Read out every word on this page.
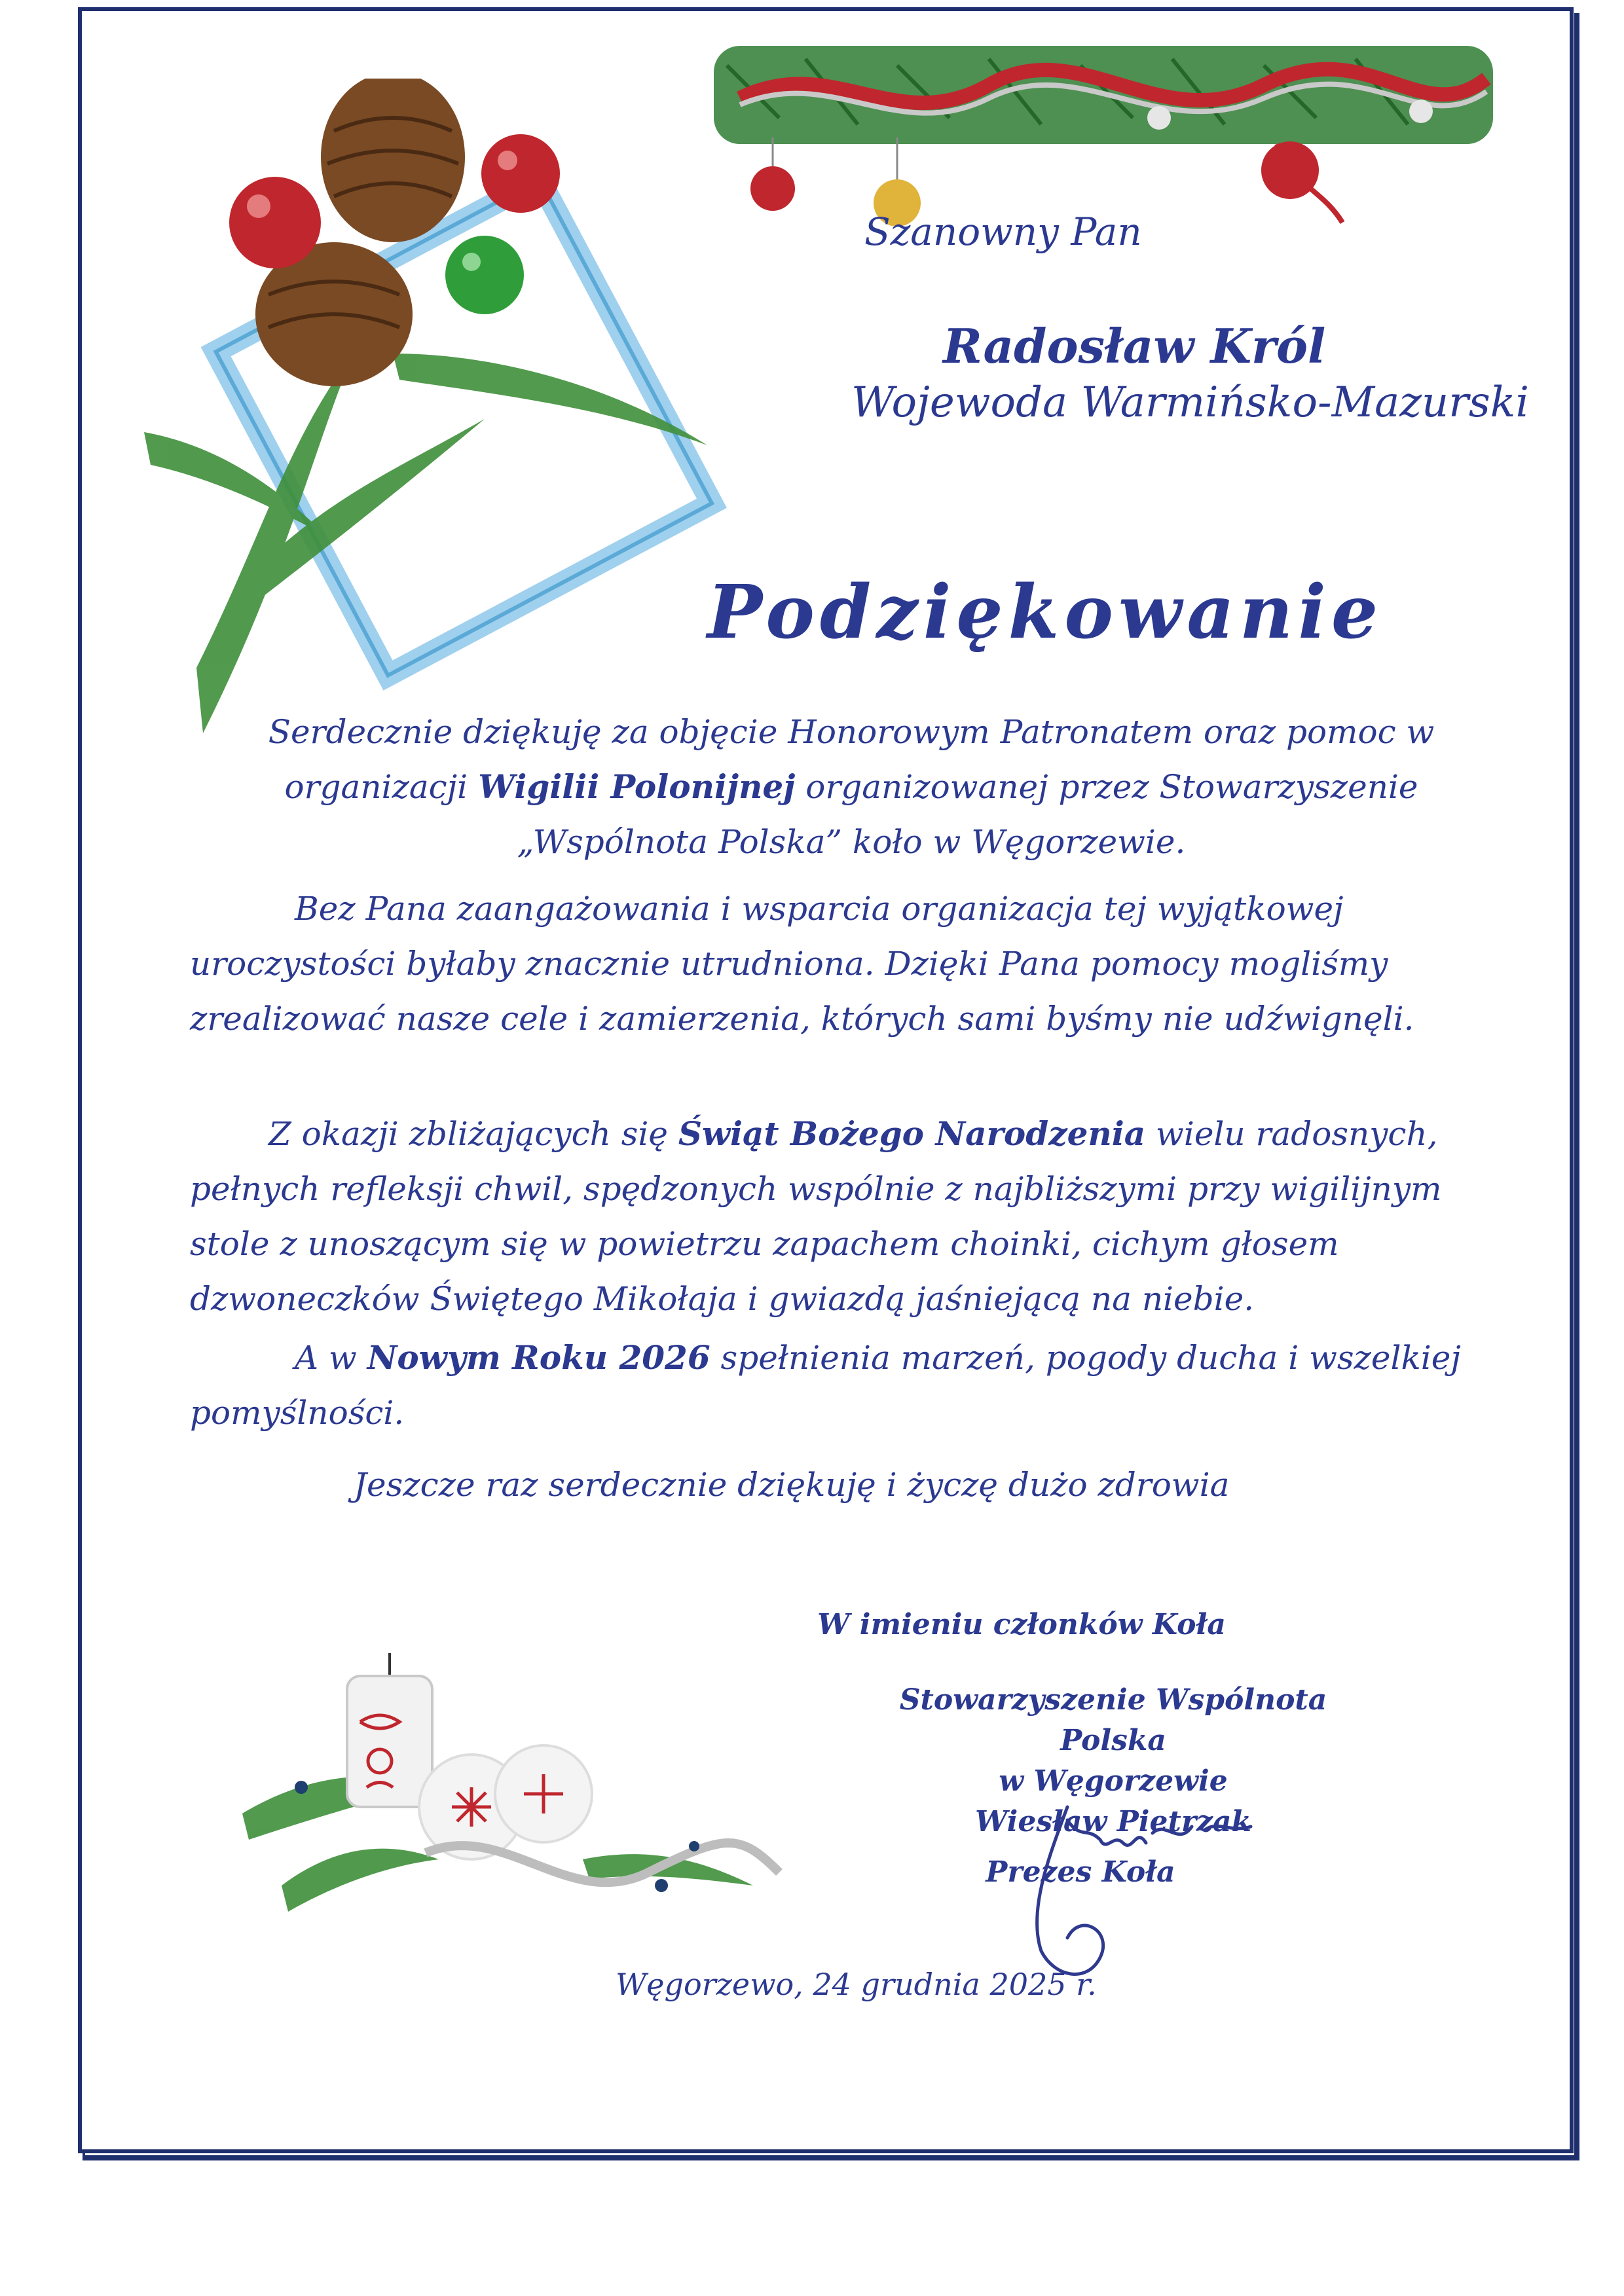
Szanowny Pan

Radosław Król

Wojewoda Warmińsko-Mazurski

Podziękowanie

Serdecznie dziękuję za objęcie Honorowym Patronatem oraz pomoc w organizacji Wigilii Polonijnej organizowanej przez Stowarzyszenie „Wspólnota Polska” koło w Węgorzewie.

Bez Pana zaangażowania i wsparcia organizacja tej wyjątkowej uroczystości byłaby znacznie utrudniona. Dzięki Pana pomocy mogliśmy zrealizować nasze cele i zamierzenia, których sami byśmy nie udźwignęli.

Z okazji zbliżających się Świąt Bożego Narodzenia wielu radosnych, pełnych refleksji chwil, spędzonych wspólnie z najbliższymi przy wigilijnym stole z unoszącym się w powietrzu zapachem choinki, cichym głosem dzwoneczków Świętego Mikołaja i gwiazdą jaśniejącą na niebie.

A w Nowym Roku 2026 spełnienia marzeń, pogody ducha i wszelkiej pomyślności.

Jeszcze raz serdecznie dziękuję i życzę dużo zdrowia

W imieniu członków Koła

Stowarzyszenie Wspólnota Polska
w Węgorzewie
Wiesław Pietrzak

Prezes Koła

Węgorzewo, 24 grudnia 2025 r.
